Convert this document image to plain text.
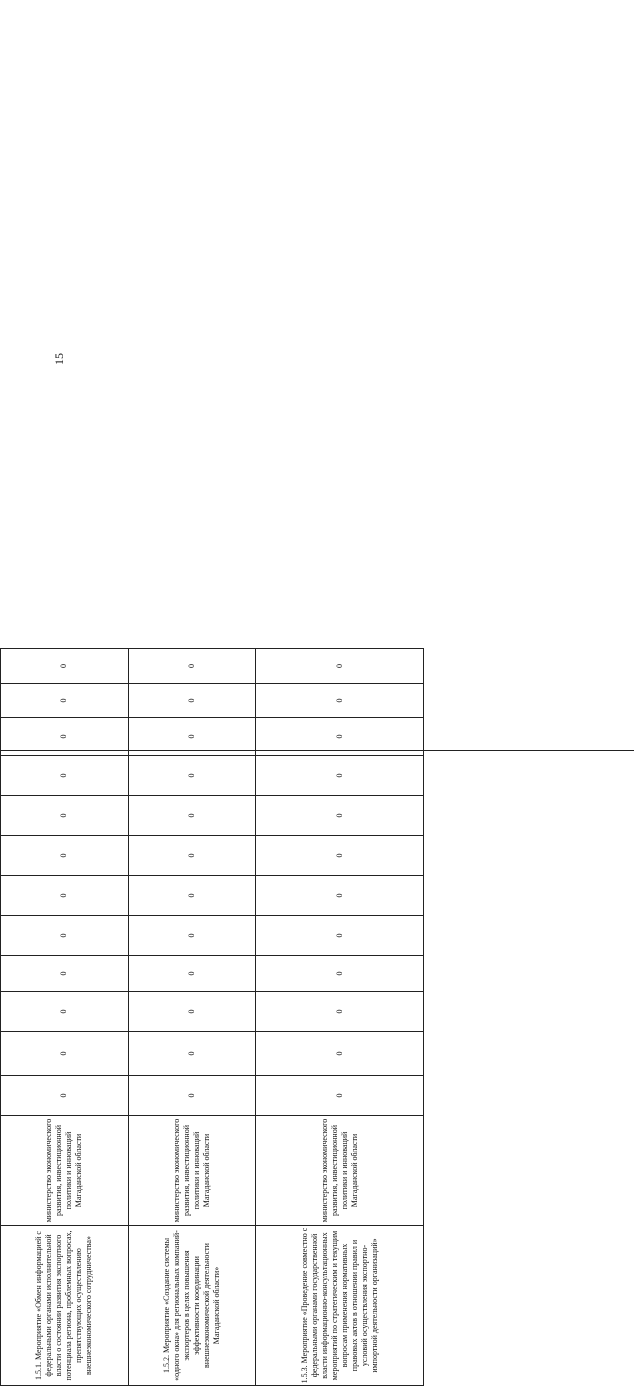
15

1.5.1. Мероприятие «Обмен информацией с федеральными органами исполнительной власти о состоянии развития экспортного потенциала региона, проблемных вопросах, препятствующих осуществлению внешнеэкономического сотрудничества»	министерство экономического развития, инвестиционной политики и инноваций Магаданской области	0	0	0	0	0	0	0	0	0	0	0	0
1.5.2. Мероприятие «Создание системы «одного окна» для региональных компаний-экспортеров в целях повышения эффективности координации внешнеэкономической деятельности Магаданской области»	министерство экономического развития, инвестиционной политики и инноваций Магаданской области	0	0	0	0	0	0	0	0	0	0	0	0
1.5.3. Мероприятие «Проведение совместно с федеральными органами государственной власти информационно-консультационных мероприятий по стратегическим и текущим вопросам применения нормативных правовых актов в отношении правил и условий осуществления экспортно-импортной деятельности организаций»	министерство экономического развития, инвестиционной политики и инноваций Магаданской области	0	0	0	0	0	0	0	0	0	0	0	0
